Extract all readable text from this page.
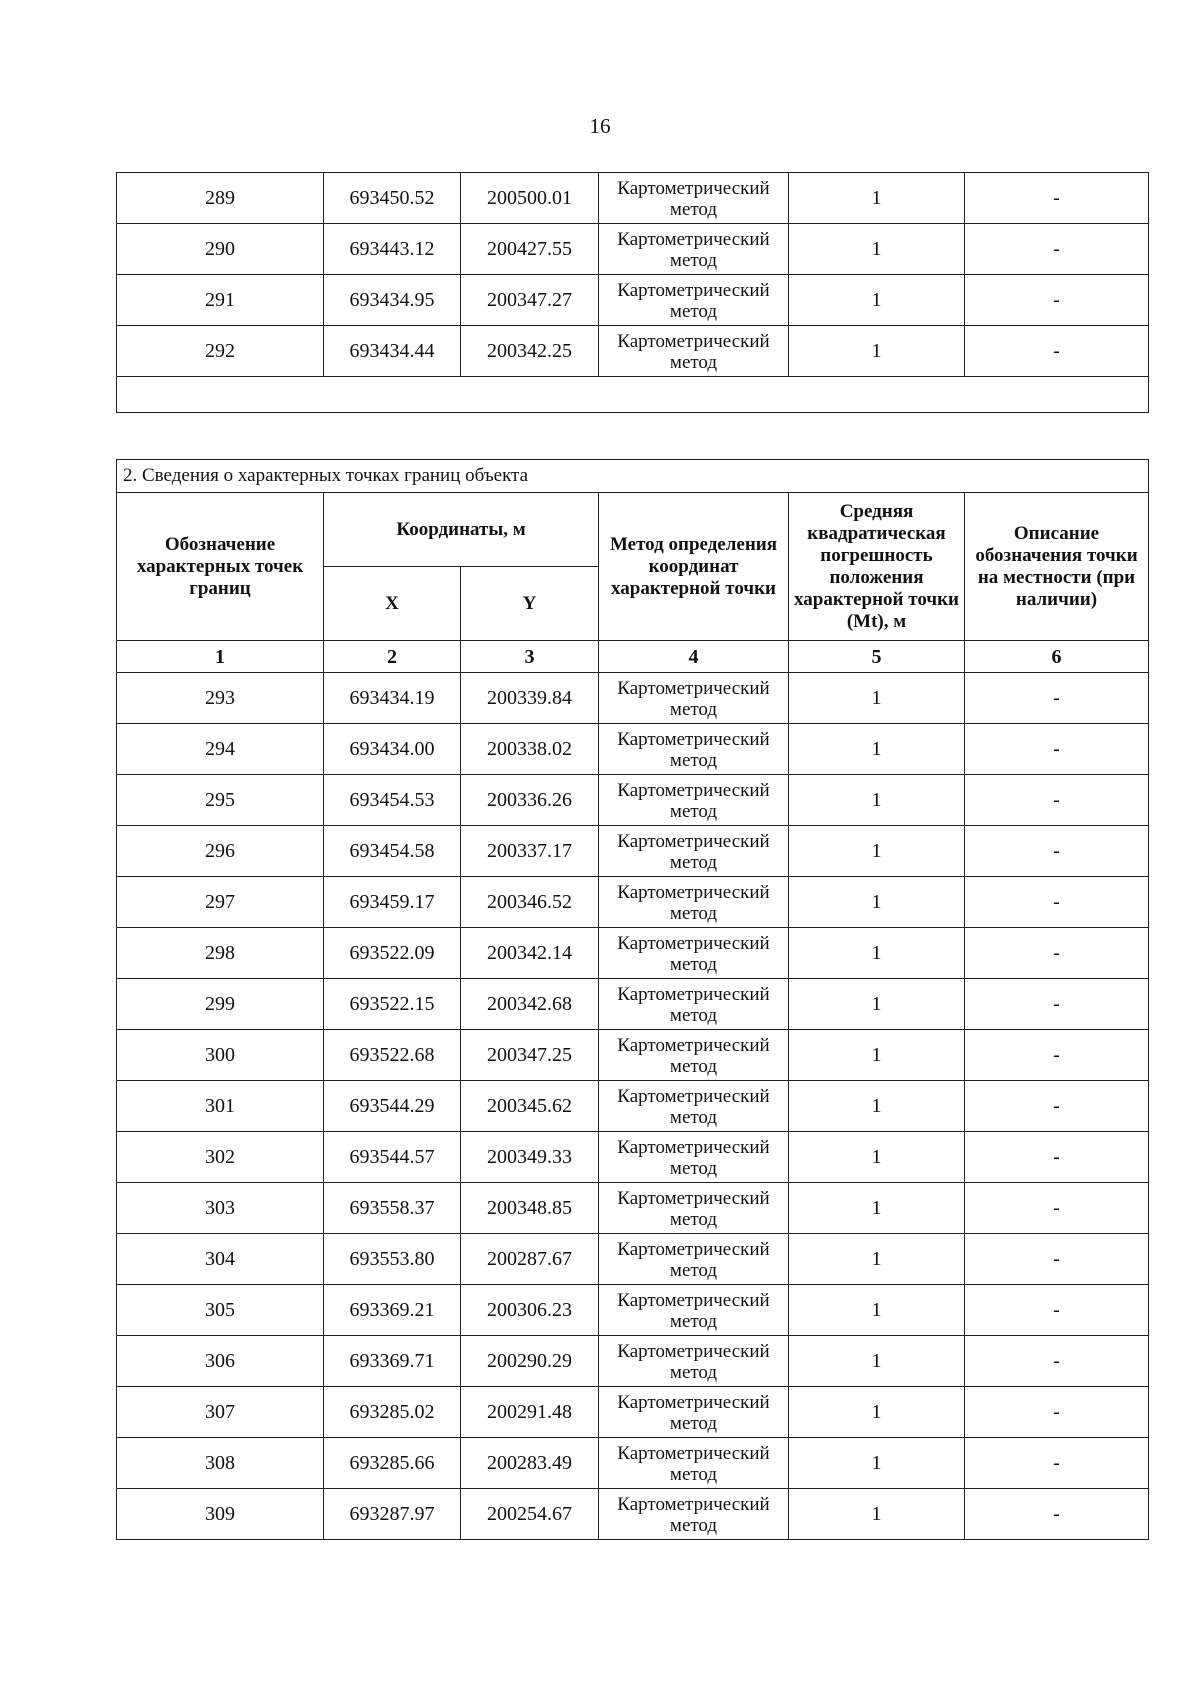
16
289	693450.52	200500.01	Картометрический метод	1	-
290	693443.12	200427.55	Картометрический метод	1	-
291	693434.95	200347.27	Картометрический метод	1	-
292	693434.44	200342.25	Картометрический метод	1	-

2. Сведения о характерных точках границ объекта					
Обозначение характерных точек границ	Координаты, м		Метод определения координат характерной точки	Средняя квадратическая погрешность положения характерной точки (Mt), м	Описание обозначения точки на местности (при наличии)
	X	Y			
1	2	3	4	5	6
293	693434.19	200339.84	Картометрический метод	1	-
294	693434.00	200338.02	Картометрический метод	1	-
295	693454.53	200336.26	Картометрический метод	1	-
296	693454.58	200337.17	Картометрический метод	1	-
297	693459.17	200346.52	Картометрический метод	1	-
298	693522.09	200342.14	Картометрический метод	1	-
299	693522.15	200342.68	Картометрический метод	1	-
300	693522.68	200347.25	Картометрический метод	1	-
301	693544.29	200345.62	Картометрический метод	1	-
302	693544.57	200349.33	Картометрический метод	1	-
303	693558.37	200348.85	Картометрический метод	1	-
304	693553.80	200287.67	Картометрический метод	1	-
305	693369.21	200306.23	Картометрический метод	1	-
306	693369.71	200290.29	Картометрический метод	1	-
307	693285.02	200291.48	Картометрический метод	1	-
308	693285.66	200283.49	Картометрический метод	1	-
309	693287.97	200254.67	Картометрический метод	1	-
